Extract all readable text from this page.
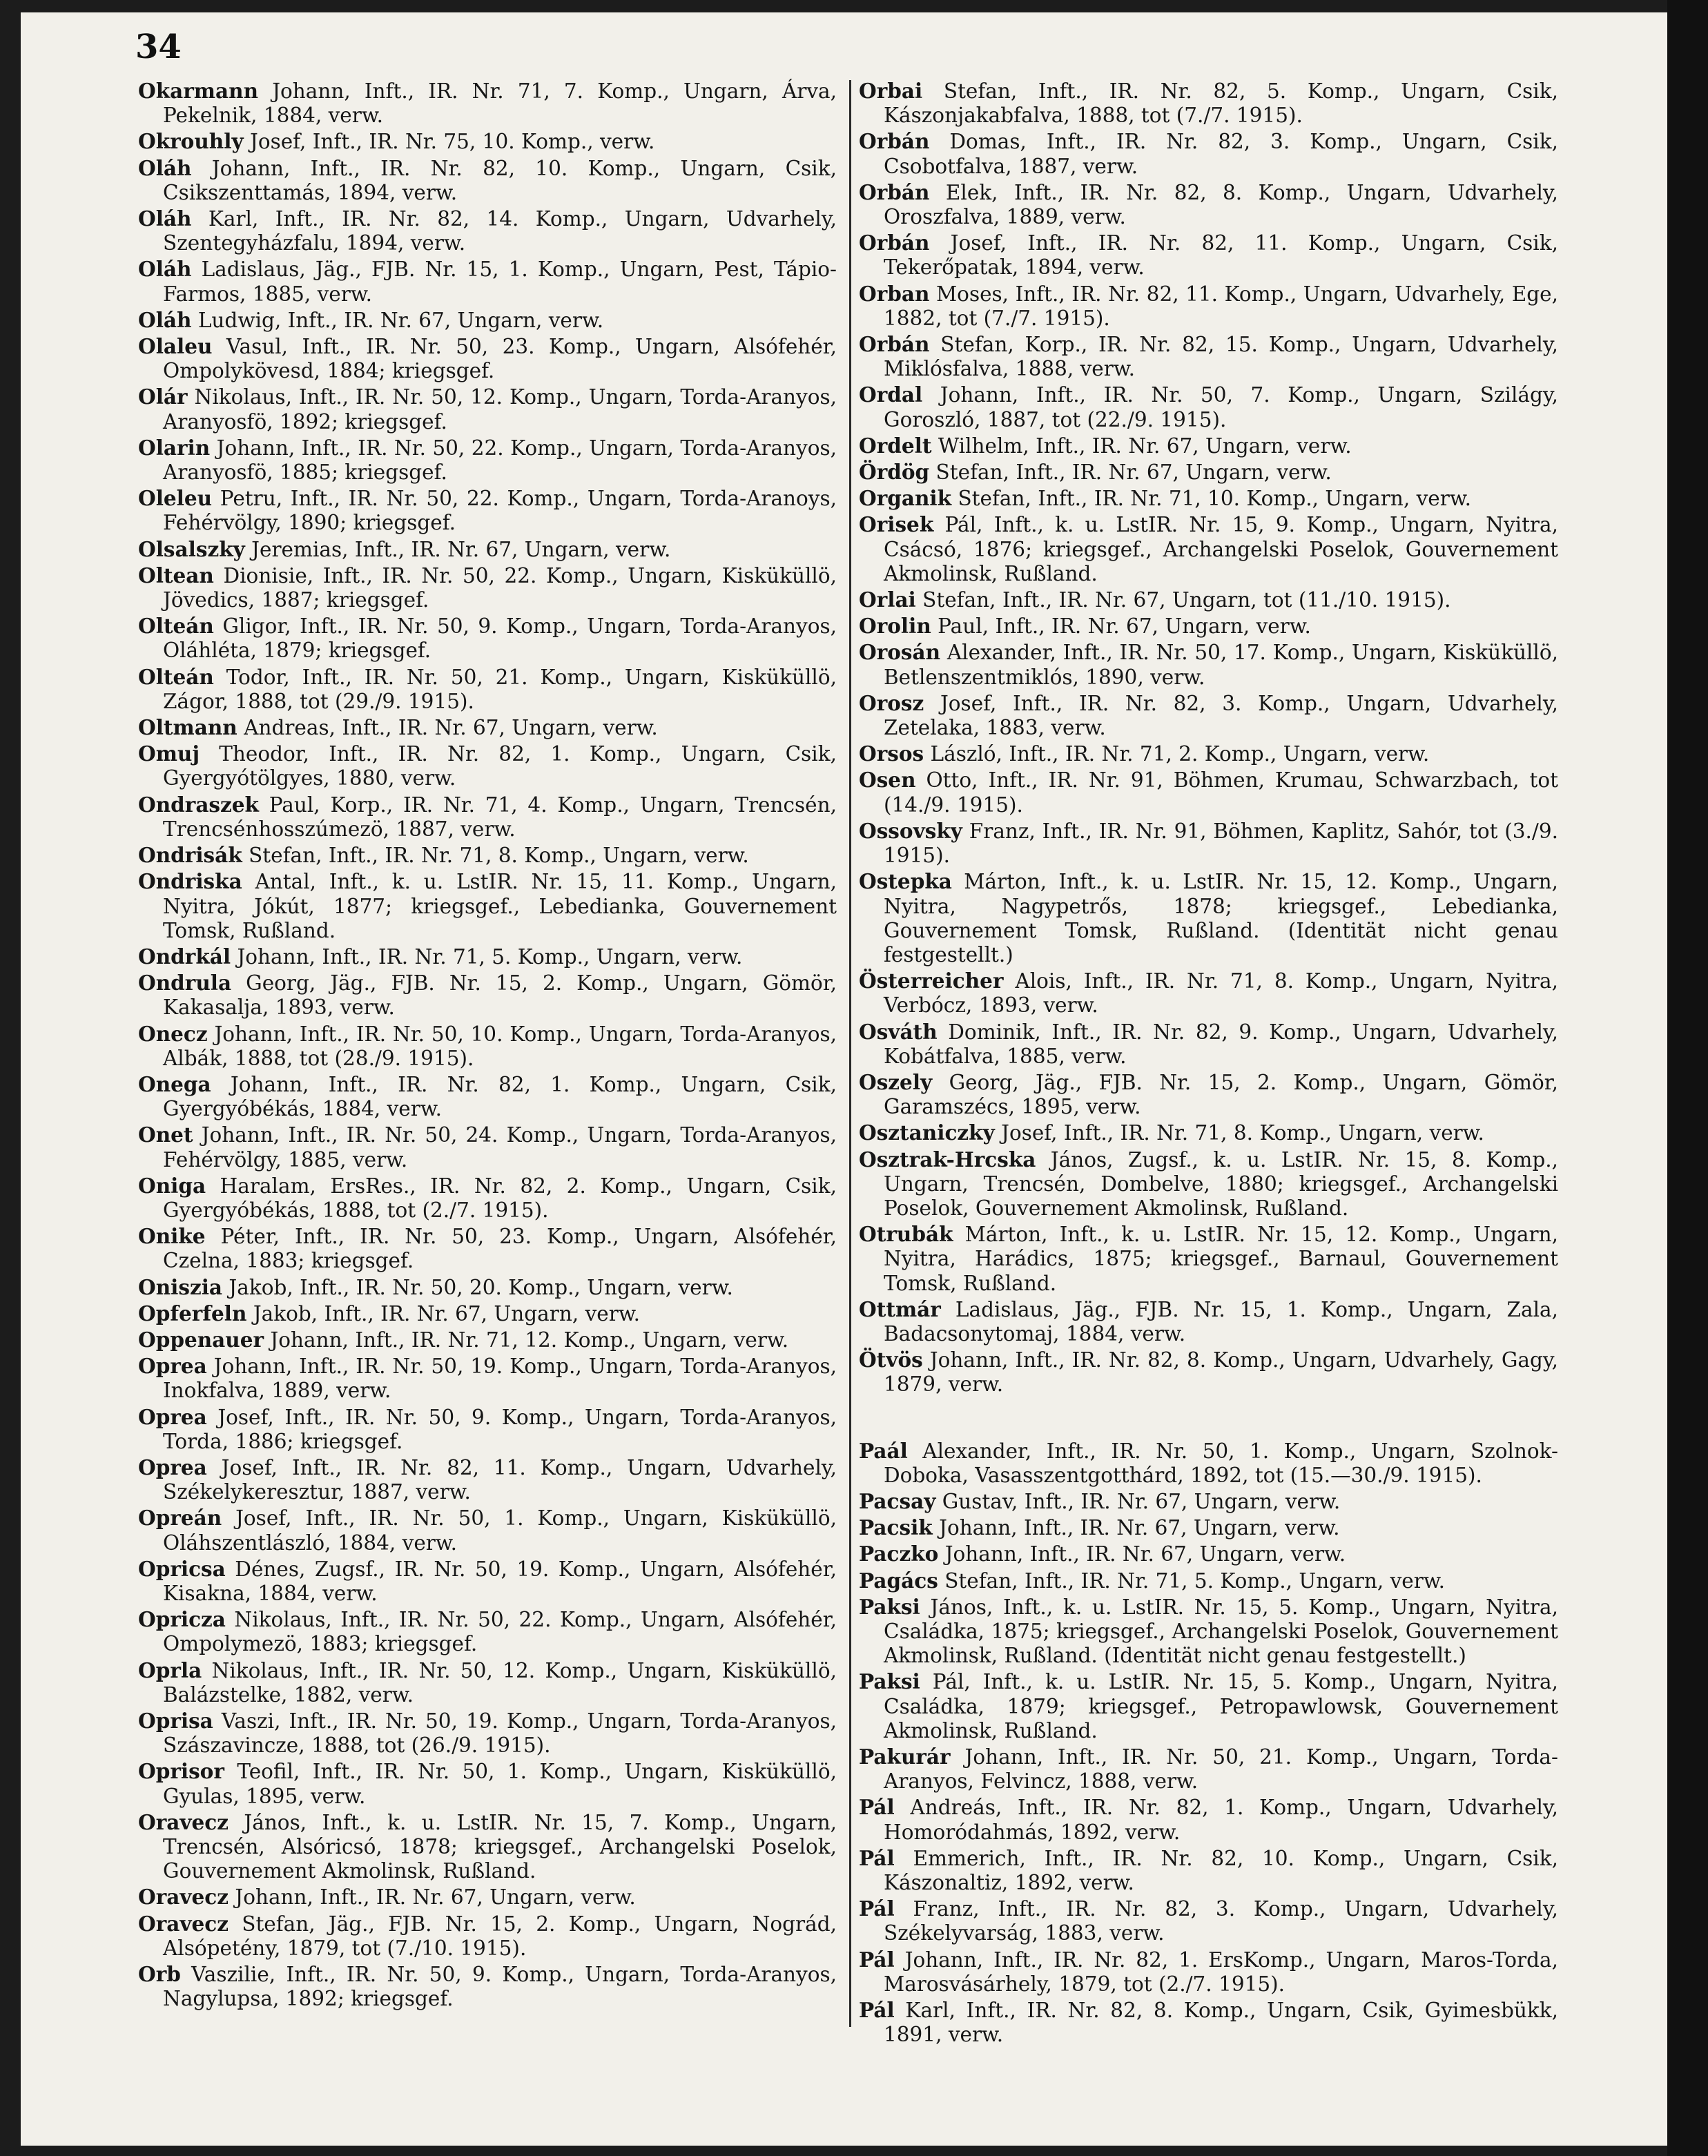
34

Okarmann Johann, Inft., IR. Nr. 71, 7. Komp., Ungarn, Árva, Pekelnik, 1884, verw.

Okrouhly Josef, Inft., IR. Nr. 75, 10. Komp., verw.

Oláh Johann, Inft., IR. Nr. 82, 10. Komp., Ungarn, Csik, Csikszenttamás, 1894, verw.

Oláh Karl, Inft., IR. Nr. 82, 14. Komp., Ungarn, Udvarhely, Szentegyházfalu, 1894, verw.

Oláh Ladislaus, Jäg., FJB. Nr. 15, 1. Komp., Ungarn, Pest, Tápio-Farmos, 1885, verw.

Oláh Ludwig, Inft., IR. Nr. 67, Ungarn, verw.

Olaleu Vasul, Inft., IR. Nr. 50, 23. Komp., Ungarn, Alsófehér, Ompolykövesd, 1884; kriegsgef.

Olár Nikolaus, Inft., IR. Nr. 50, 12. Komp., Ungarn, Torda-Aranyos, Aranyosfö, 1892; kriegsgef.

Olarin Johann, Inft., IR. Nr. 50, 22. Komp., Ungarn, Torda-Aranyos, Aranyosfö, 1885; kriegsgef.

Oleleu Petru, Inft., IR. Nr. 50, 22. Komp., Ungarn, Torda-Aranoys, Fehérvölgy, 1890; kriegsgef.

Olsalszky Jeremias, Inft., IR. Nr. 67, Ungarn, verw.

Oltean Dionisie, Inft., IR. Nr. 50, 22. Komp., Ungarn, Kisküküllö, Jövedics, 1887; kriegsgef.

Olteán Gligor, Inft., IR. Nr. 50, 9. Komp., Ungarn, Torda-Aranyos, Oláhléta, 1879; kriegsgef.

Olteán Todor, Inft., IR. Nr. 50, 21. Komp., Ungarn, Kisküküllö, Zágor, 1888, tot (29./9. 1915).

Oltmann Andreas, Inft., IR. Nr. 67, Ungarn, verw.

Omuj Theodor, Inft., IR. Nr. 82, 1. Komp., Ungarn, Csik, Gyergyótölgyes, 1880, verw.

Ondraszek Paul, Korp., IR. Nr. 71, 4. Komp., Ungarn, Trencsén, Trencsénhosszúmezö, 1887, verw.

Ondrisák Stefan, Inft., IR. Nr. 71, 8. Komp., Ungarn, verw.

Ondriska Antal, Inft., k. u. LstIR. Nr. 15, 11. Komp., Ungarn, Nyitra, Jókút, 1877; kriegsgef., Lebedianka, Gouvernement Tomsk, Rußland.

Ondrkál Johann, Inft., IR. Nr. 71, 5. Komp., Ungarn, verw.

Ondrula Georg, Jäg., FJB. Nr. 15, 2. Komp., Ungarn, Gömör, Kakasalja, 1893, verw.

Onecz Johann, Inft., IR. Nr. 50, 10. Komp., Ungarn, Torda-Aranyos, Albák, 1888, tot (28./9. 1915).

Onega Johann, Inft., IR. Nr. 82, 1. Komp., Ungarn, Csik, Gyergyóbékás, 1884, verw.

Onet Johann, Inft., IR. Nr. 50, 24. Komp., Ungarn, Torda-Aranyos, Fehérvölgy, 1885, verw.

Oniga Haralam, ErsRes., IR. Nr. 82, 2. Komp., Ungarn, Csik, Gyergyóbékás, 1888, tot (2./7. 1915).

Onike Péter, Inft., IR. Nr. 50, 23. Komp., Ungarn, Alsófehér, Czelna, 1883; kriegsgef.

Oniszia Jakob, Inft., IR. Nr. 50, 20. Komp., Ungarn, verw.

Opferfeln Jakob, Inft., IR. Nr. 67, Ungarn, verw.

Oppenauer Johann, Inft., IR. Nr. 71, 12. Komp., Ungarn, verw.

Oprea Johann, Inft., IR. Nr. 50, 19. Komp., Ungarn, Torda-Aranyos, Inokfalva, 1889, verw.

Oprea Josef, Inft., IR. Nr. 50, 9. Komp., Ungarn, Torda-Aranyos, Torda, 1886; kriegsgef.

Oprea Josef, Inft., IR. Nr. 82, 11. Komp., Ungarn, Udvarhely, Székelykeresztur, 1887, verw.

Opreán Josef, Inft., IR. Nr. 50, 1. Komp., Ungarn, Kisküküllö, Oláhszentlászló, 1884, verw.

Opricsa Dénes, Zugsf., IR. Nr. 50, 19. Komp., Ungarn, Alsófehér, Kisakna, 1884, verw.

Opricza Nikolaus, Inft., IR. Nr. 50, 22. Komp., Ungarn, Alsófehér, Ompolymezö, 1883; kriegsgef.

Oprla Nikolaus, Inft., IR. Nr. 50, 12. Komp., Ungarn, Kisküküllö, Balázstelke, 1882, verw.

Oprisa Vaszi, Inft., IR. Nr. 50, 19. Komp., Ungarn, Torda-Aranyos, Szászavincze, 1888, tot (26./9. 1915).

Oprisor Teofil, Inft., IR. Nr. 50, 1. Komp., Ungarn, Kisküküllö, Gyulas, 1895, verw.

Oravecz János, Inft., k. u. LstIR. Nr. 15, 7. Komp., Ungarn, Trencsén, Alsóricsó, 1878; kriegsgef., Archangelski Poselok, Gouvernement Akmolinsk, Rußland.

Oravecz Johann, Inft., IR. Nr. 67, Ungarn, verw.

Oravecz Stefan, Jäg., FJB. Nr. 15, 2. Komp., Ungarn, Nográd, Alsópetény, 1879, tot (7./10. 1915).

Orb Vaszilie, Inft., IR. Nr. 50, 9. Komp., Ungarn, Torda-Aranyos, Nagylupsa, 1892; kriegsgef.

Orbai Stefan, Inft., IR. Nr. 82, 5. Komp., Ungarn, Csik, Kászonjakabfalva, 1888, tot (7./7. 1915).

Orbán Domas, Inft., IR. Nr. 82, 3. Komp., Ungarn, Csik, Csobotfalva, 1887, verw.

Orbán Elek, Inft., IR. Nr. 82, 8. Komp., Ungarn, Udvarhely, Oroszfalva, 1889, verw.

Orbán Josef, Inft., IR. Nr. 82, 11. Komp., Ungarn, Csik, Tekerőpatak, 1894, verw.

Orban Moses, Inft., IR. Nr. 82, 11. Komp., Ungarn, Udvarhely, Ege, 1882, tot (7./7. 1915).

Orbán Stefan, Korp., IR. Nr. 82, 15. Komp., Ungarn, Udvarhely, Miklósfalva, 1888, verw.

Ordal Johann, Inft., IR. Nr. 50, 7. Komp., Ungarn, Szilágy, Goroszló, 1887, tot (22./9. 1915).

Ordelt Wilhelm, Inft., IR. Nr. 67, Ungarn, verw.

Ördög Stefan, Inft., IR. Nr. 67, Ungarn, verw.

Organik Stefan, Inft., IR. Nr. 71, 10. Komp., Ungarn, verw.

Orisek Pál, Inft., k. u. LstIR. Nr. 15, 9. Komp., Ungarn, Nyitra, Csácsó, 1876; kriegsgef., Archangelski Poselok, Gouvernement Akmolinsk, Rußland.

Orlai Stefan, Inft., IR. Nr. 67, Ungarn, tot (11./10. 1915).

Orolin Paul, Inft., IR. Nr. 67, Ungarn, verw.

Orosán Alexander, Inft., IR. Nr. 50, 17. Komp., Ungarn, Kisküküllö, Betlenszentmiklós, 1890, verw.

Orosz Josef, Inft., IR. Nr. 82, 3. Komp., Ungarn, Udvarhely, Zetelaka, 1883, verw.

Orsos László, Inft., IR. Nr. 71, 2. Komp., Ungarn, verw.

Osen Otto, Inft., IR. Nr. 91, Böhmen, Krumau, Schwarzbach, tot (14./9. 1915).

Ossovsky Franz, Inft., IR. Nr. 91, Böhmen, Kaplitz, Sahór, tot (3./9. 1915).

Ostepka Márton, Inft., k. u. LstIR. Nr. 15, 12. Komp., Ungarn, Nyitra, Nagypetrős, 1878; kriegsgef., Lebedianka, Gouvernement Tomsk, Rußland. (Identität nicht genau festgestellt.)

Österreicher Alois, Inft., IR. Nr. 71, 8. Komp., Ungarn, Nyitra, Verbócz, 1893, verw.

Osváth Dominik, Inft., IR. Nr. 82, 9. Komp., Ungarn, Udvarhely, Kobátfalva, 1885, verw.

Oszely Georg, Jäg., FJB. Nr. 15, 2. Komp., Ungarn, Gömör, Garamszécs, 1895, verw.

Osztaniczky Josef, Inft., IR. Nr. 71, 8. Komp., Ungarn, verw.

Osztrak-Hrcska János, Zugsf., k. u. LstIR. Nr. 15, 8. Komp., Ungarn, Trencsén, Dombelve, 1880; kriegsgef., Archangelski Poselok, Gouvernement Akmolinsk, Rußland.

Otrubák Márton, Inft., k. u. LstIR. Nr. 15, 12. Komp., Ungarn, Nyitra, Harádics, 1875; kriegsgef., Barnaul, Gouvernement Tomsk, Rußland.

Ottmár Ladislaus, Jäg., FJB. Nr. 15, 1. Komp., Ungarn, Zala, Badacsonytomaj, 1884, verw.

Ötvös Johann, Inft., IR. Nr. 82, 8. Komp., Ungarn, Udvarhely, Gagy, 1879, verw.

Paál Alexander, Inft., IR. Nr. 50, 1. Komp., Ungarn, Szolnok-Doboka, Vasasszentgotthárd, 1892, tot (15.—30./9. 1915).

Pacsay Gustav, Inft., IR. Nr. 67, Ungarn, verw.

Pacsik Johann, Inft., IR. Nr. 67, Ungarn, verw.

Paczko Johann, Inft., IR. Nr. 67, Ungarn, verw.

Pagács Stefan, Inft., IR. Nr. 71, 5. Komp., Ungarn, verw.

Paksi János, Inft., k. u. LstIR. Nr. 15, 5. Komp., Ungarn, Nyitra, Családka, 1875; kriegsgef., Archangelski Poselok, Gouvernement Akmolinsk, Rußland. (Identität nicht genau festgestellt.)

Paksi Pál, Inft., k. u. LstIR. Nr. 15, 5. Komp., Ungarn, Nyitra, Családka, 1879; kriegsgef., Petropawlowsk, Gouvernement Akmolinsk, Rußland.

Pakurár Johann, Inft., IR. Nr. 50, 21. Komp., Ungarn, Torda-Aranyos, Felvincz, 1888, verw.

Pál Andreás, Inft., IR. Nr. 82, 1. Komp., Ungarn, Udvarhely, Homoródahmás, 1892, verw.

Pál Emmerich, Inft., IR. Nr. 82, 10. Komp., Ungarn, Csik, Kászonaltiz, 1892, verw.

Pál Franz, Inft., IR. Nr. 82, 3. Komp., Ungarn, Udvarhely, Székelyvarság, 1883, verw.

Pál Johann, Inft., IR. Nr. 82, 1. ErsKomp., Ungarn, Maros-Torda, Marosvásárhely, 1879, tot (2./7. 1915).

Pál Karl, Inft., IR. Nr. 82, 8. Komp., Ungarn, Csik, Gyimesbükk, 1891, verw.
